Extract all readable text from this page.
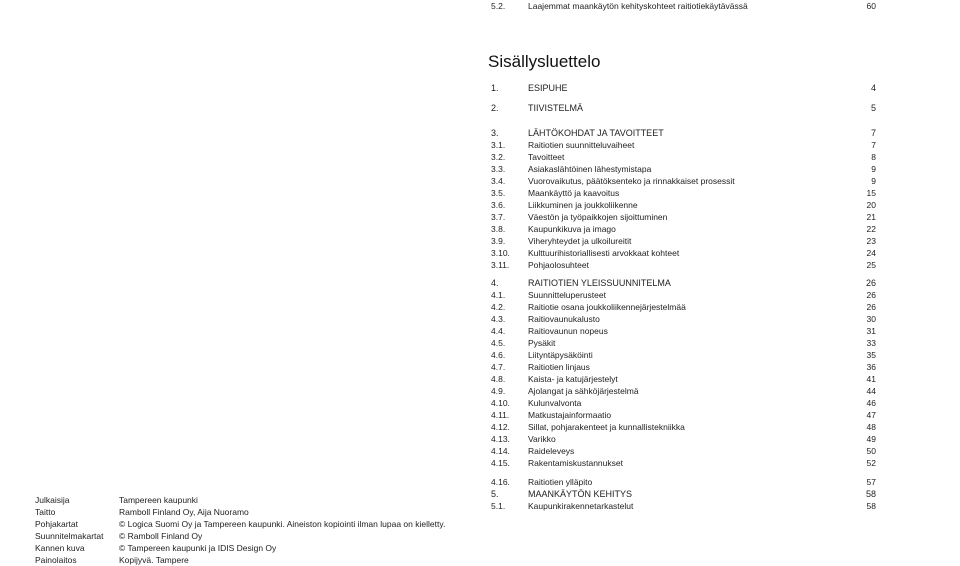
Sisällysluettelo
1.	ESIPUHE	4
2.	TIIVISTELMÄ	5
3.	LÄHTÖKOHDAT JA TAVOITTEET	7
3.1.	Raitiotien suunnitteluvaiheet	7
3.2.	Tavoitteet	8
3.3.	Asiakaslähtöinen lähestymistapa	9
3.4.	Vuorovaikutus, päätöksenteko ja rinnakkaiset prosessit	9
3.5.	Maankäyttö ja kaavoitus	15
3.6.	Liikkuminen ja joukkoliikenne	20
3.7.	Väestön ja työpaikkojen sijoittuminen	21
3.8.	Kaupunkikuva ja imago	22
3.9.	Viheryhteydet ja ulkoilureitit	23
3.10. Kulttuurihistoriallisesti arvokkaat kohteet	24
3.11. Pohjaolosuhteet	25
4.	RAITIOTIEN YLEISSUUNNITELMA	26
4.1.	Suunnitteluperusteet	26
4.2.	Raitiotie osana joukkoliikennejärjestelmää	26
4.3.	Raitiovaunukalusto	30
4.4.	Raitiovaunun nopeus	31
4.5.	Pysäkit	33
4.6.	Liityntäpysäköinti	35
4.7.	Raitiotien linjaus	36
4.8.	Kaista- ja katujärjestelyt	41
4.9.	Ajolangat ja sähköjärjestelmä	44
4.10. Kulunvalvonta	46
4.11. Matkustajainformaatio	47
4.12. Sillat, pohjarakenteet ja kunnallistekniikka	48
4.13. Varikko	49
4.14. Raideleveys	50
4.15. Rakentamiskustannukset	52
4.16. Raitiotien ylläpito	57
5.	MAANKÄYTÖN KEHITYS	58
5.1.	Kaupunkirakennetarkastelut	58
5.2.	Laajemmat maankäytön kehityskohteet raitiotiekäytävässä	60
Julkaisija	Tampereen kaupunki
Taitto	Ramboll Finland Oy, Aija Nuoramo
Pohjakartat	© Logica Suomi Oy ja Tampereen kaupunki. Aineiston kopiointi ilman lupaa on kielletty.
Suunnitelmakartat © Ramboll Finland Oy
Kannen kuva	© Tampereen kaupunki ja IDIS Design Oy
Painolaitos	Kopijyvä. Tampere
